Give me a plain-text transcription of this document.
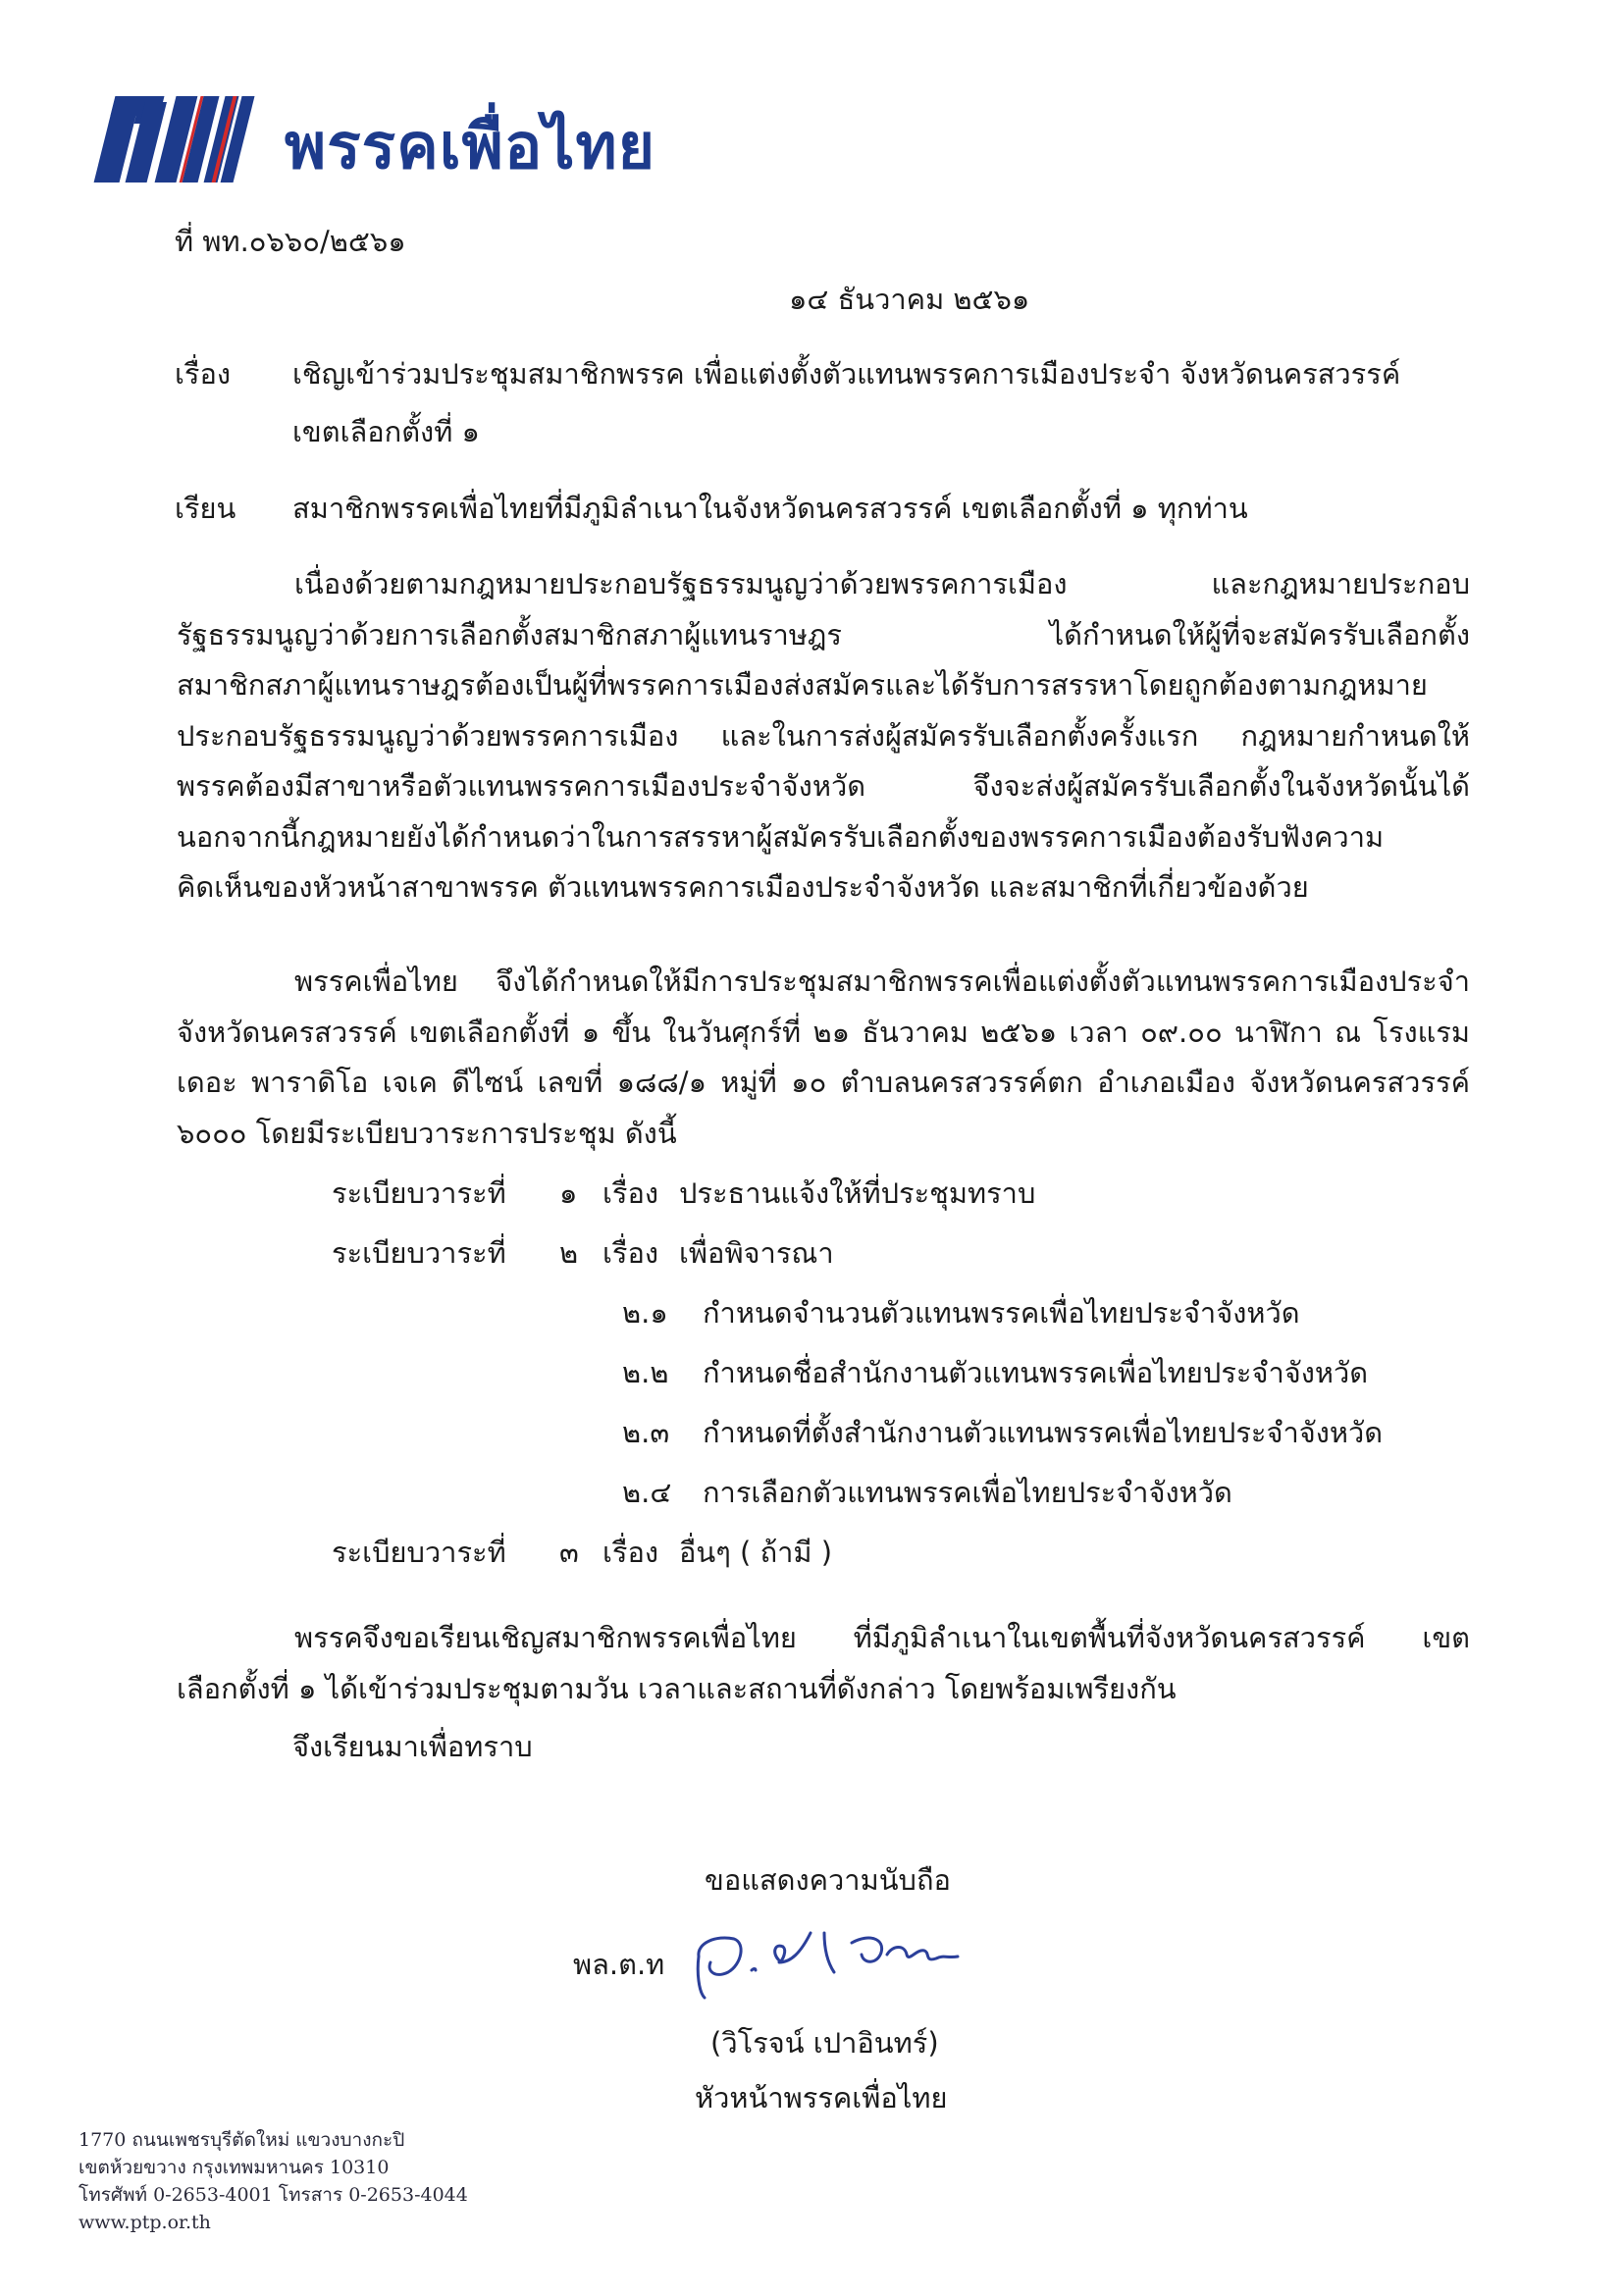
พรรคเพื่อไทย
ที่ พท.๐๖๖๐/๒๕๖๑
๑๔ ธันวาคม ๒๕๖๑
เรื่อง เชิญเข้าร่วมประชุมสมาชิกพรรค เพื่อแต่งตั้งตัวแทนพรรคการเมืองประจำ จังหวัดนครสวรรค์
เขตเลือกตั้งที่ ๑
เรียน สมาชิกพรรคเพื่อไทยที่มีภูมิลำเนาในจังหวัดนครสวรรค์ เขตเลือกตั้งที่ ๑ ทุกท่าน
เนื่องด้วยตามกฎหมายประกอบรัฐธรรมนูญว่าด้วยพรรคการเมือง และกฎหมายประกอบ
รัฐธรรมนูญว่าด้วยการเลือกตั้งสมาชิกสภาผู้แทนราษฎร ได้กำหนดให้ผู้ที่จะสมัครรับเลือกตั้ง
สมาชิกสภาผู้แทนราษฎรต้องเป็นผู้ที่พรรคการเมืองส่งสมัครและได้รับการสรรหาโดยถูกต้องตามกฎหมาย
ประกอบรัฐธรรมนูญว่าด้วยพรรคการเมือง และในการส่งผู้สมัครรับเลือกตั้งครั้งแรก กฎหมายกำหนดให้
พรรคต้องมีสาขาหรือตัวแทนพรรคการเมืองประจำจังหวัด จึงจะส่งผู้สมัครรับเลือกตั้งในจังหวัดนั้นได้
นอกจากนี้กฎหมายยังได้กำหนดว่าในการสรรหาผู้สมัครรับเลือกตั้งของพรรคการเมืองต้องรับฟังความ
คิดเห็นของหัวหน้าสาขาพรรค ตัวแทนพรรคการเมืองประจำจังหวัด และสมาชิกที่เกี่ยวข้องด้วย
พรรคเพื่อไทย จึงได้กำหนดให้มีการประชุมสมาชิกพรรคเพื่อแต่งตั้งตัวแทนพรรคการเมืองประจำ
จังหวัดนครสวรรค์ เขตเลือกตั้งที่ ๑ ขึ้น ในวันศุกร์ที่ ๒๑ ธันวาคม ๒๕๖๑ เวลา ๐๙.๐๐ นาฬิกา ณ โรงแรม
เดอะ พาราดิโอ เจเค ดีไซน์ เลขที่ ๑๘๘/๑ หมู่ที่ ๑๐ ตำบลนครสวรรค์ตก อำเภอเมือง จังหวัดนครสวรรค์
๖๐๐๐ โดยมีระเบียบวาระการประชุม ดังนี้
ระเบียบวาระที่ ๑ เรื่อง ประธานแจ้งให้ที่ประชุมทราบ
ระเบียบวาระที่ ๒ เรื่อง เพื่อพิจารณา
๒.๑ กำหนดจำนวนตัวแทนพรรคเพื่อไทยประจำจังหวัด
๒.๒ กำหนดชื่อสำนักงานตัวแทนพรรคเพื่อไทยประจำจังหวัด
๒.๓ กำหนดที่ตั้งสำนักงานตัวแทนพรรคเพื่อไทยประจำจังหวัด
๒.๔ การเลือกตัวแทนพรรคเพื่อไทยประจำจังหวัด
ระเบียบวาระที่ ๓ เรื่อง อื่นๆ ( ถ้ามี )
พรรคจึงขอเรียนเชิญสมาชิกพรรคเพื่อไทย ที่มีภูมิลำเนาในเขตพื้นที่จังหวัดนครสวรรค์ เขต
เลือกตั้งที่ ๑ ได้เข้าร่วมประชุมตามวัน เวลาและสถานที่ดังกล่าว โดยพร้อมเพรียงกัน
จึงเรียนมาเพื่อทราบ
ขอแสดงความนับถือ
พล.ต.ท
(วิโรจน์ เปาอินทร์)
หัวหน้าพรรคเพื่อไทย
1770 ถนนเพชรบุรีตัดใหม่ แขวงบางกะปิ
เขตห้วยขวาง กรุงเทพมหานคร 10310
โทรศัพท์ 0-2653-4001 โทรสาร 0-2653-4044
www.ptp.or.th
